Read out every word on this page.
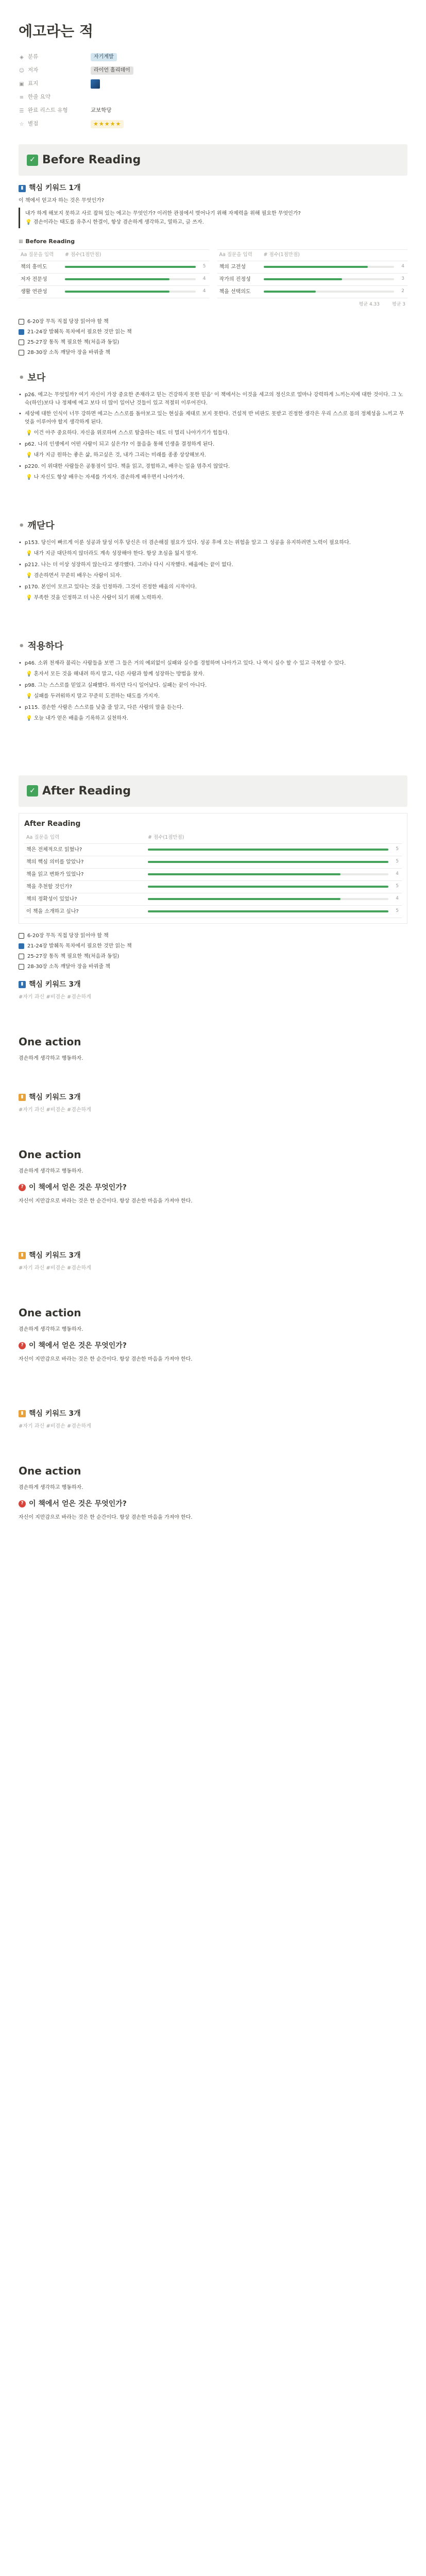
에고라는 적
◈ 분류	자기계발
☺ 저자	라이언 홀리데이
▣ 표지
≡ 한줄 요약
☰ 완료 리스트 유형	교보학당
☆ 별점	★★★★★
✓ Before Reading
▮ 핵심 키워드 1개
이 책에서 얻고자 하는 것은 무엇인가?
내가 하게 해보지 못하고 사로 잡혀 있는 에고는 무엇인가? 이러한 관점에서 벗어나기 위해 자제력을 위해 필요한 무엇인가?
💡 겸손이라는 태도를 유추시 한결이, 항상 겸손하게 생각하고, 열하고, 글 쓰자.
▦ Before Reading
Aa 질문을 입력	# 점수(1점만점)
책의 흥미도	5
저자 전문성	4
생활 연관성	4
Aa 질문을 입력	# 점수(1점만점)
책의 고전성	4
작가의 진정성	3
책을 선택의도	2
평균 4.33	평균 3
6-20장 무독 직접 당장 읽어야 할 책
21-24장 발췌독 목차에서 필요한 것만 읽는 책
25-27장 통독 책 필요한 책(처음과 동일)
28-30장 소독 깨달아 장을 바꿔줄 책
• 보다
• p26. 에고는 무엇일까? 여기 자신이 가장 중요한 존재라고 믿는 건강하지 못한 믿음' 이 책에서는 이것을 세고의 정신으로 얼마나 강력하게 느끼는지에 대한 것이다. 그 노숙(하인)보다 나 정체에 에고 보다 더 많이 일어난 것들이 있고 적절히 이루어진다.
• 세상에 대한 인식이 너무 강하면 에고는 스스로를 돌아보고 있는 현실을 제대로 보지 못한다. 건설적 반 비판도 못받고 진정한 생각은 우리 스스로 몸의 정체성을 느끼고 무엇을 이루어야 할지 생각하게 된다.
💡 이건 아주 중요하다. 자신을 위로하며 스스로 탈출하는 데도 더 멀리 나아가기가 힘들다.
• p62. 나의 인생에서 어떤 사람이 되고 싶은가? 이 물음을 통해 인생을 결정하게 된다.
💡 내가 지금 원하는 좋은 삶, 하고싶은 것, 내가 그리는 미래를 종종 상상해보자.
• p220. 이 위대한 사람들은 공통점이 있다. 책을 읽고, 경험하고, 배우는 일을 멈추지 않았다.
💡 나 자신도 항상 배우는 자세를 가지자. 겸손하게 배우면서 나아가자.
• 깨닫다
• p153. 당신이 빠르게 이룬 성공과 달성 이후 당신은 더 겸손해질 필요가 있다. 성공 후에 오는 위험을 알고 그 성공을 유지하려면 노력이 필요하다.
💡 내가 지금 대단하지 않더라도 계속 성장해야 한다. 항상 초심을 잃지 말자.
• p212. 나는 더 이상 성장하지 않는다고 생각했다. 그러나 다시 시작했다. 배움에는 끝이 없다.
💡 겸손하면서 꾸준히 배우는 사람이 되자.
• p170. 본인이 모르고 있다는 것을 인정하라. 그것이 진정한 배움의 시작이다.
💡 부족한 것을 인정하고 더 나은 사람이 되기 위해 노력하자.
• 적용하다
• p46. 소위 천재라 불리는 사람들을 보면 그 들은 거의 예외없이 실패와 실수를 경험하며 나아가고 있다. 나 역시 실수 할 수 있고 극복할 수 있다.
💡 혼자서 모든 것을 해내려 하지 말고, 다른 사람과 함께 성장하는 방법을 찾자.
• p98. 그는 스스로를 믿었고 실패했다. 하지만 다시 일어났다. 실패는 끝이 아니다.
💡 실패를 두려워하지 말고 꾸준히 도전하는 태도를 가지자.
• p115. 겸손한 사람은 스스로를 낮출 줄 알고, 다른 사람의 말을 듣는다.
💡 오늘 내가 얻은 배움을 기록하고 실천하자.
✓ After Reading
After Reading
Aa 질문을 입력	# 점수(1점만점)
책은 전체적으로 읽혔나?	5
책의 핵심 의미를 알았나?	5
책을 읽고 변화가 있었나?	4
책을 추천할 것인가?	5
책의 정확성이 있었나?	4
이 책을 소개하고 싶나?	5
6-20장 무독 직접 당장 읽어야 할 책
21-24장 발췌독 목차에서 필요한 것만 읽는 책
25-27장 통독 책 필요한 책(처음과 동일)
28-30장 소독 깨달아 장을 바꿔줄 책
▮ 핵심 키워드 3개
#자기 과신 #비겸손 #겸손하게
One action
겸손하게 생각하고 행동하자.
▮ 핵심 키워드 3개
#자기 과신 #비겸손 #겸손하게
One action
겸손하게 생각하고 행동하자.
? 이 책에서 얻은 것은 무엇인가?
자신이 지만감으로 바라는 것은 한 순간이다. 항상 겸손한 마음을 가져야 한다.
▮ 핵심 키워드 3개
#자기 과신 #비겸손 #겸손하게
One action
겸손하게 생각하고 행동하자.
? 이 책에서 얻은 것은 무엇인가?
자신이 지만감으로 바라는 것은 한 순간이다. 항상 겸손한 마음을 가져야 한다.
▮ 핵심 키워드 3개
#자기 과신 #비겸손 #겸손하게
One action
겸손하게 생각하고 행동하자.
? 이 책에서 얻은 것은 무엇인가?
자신이 지만감으로 바라는 것은 한 순간이다. 항상 겸손한 마음을 가져야 한다.
